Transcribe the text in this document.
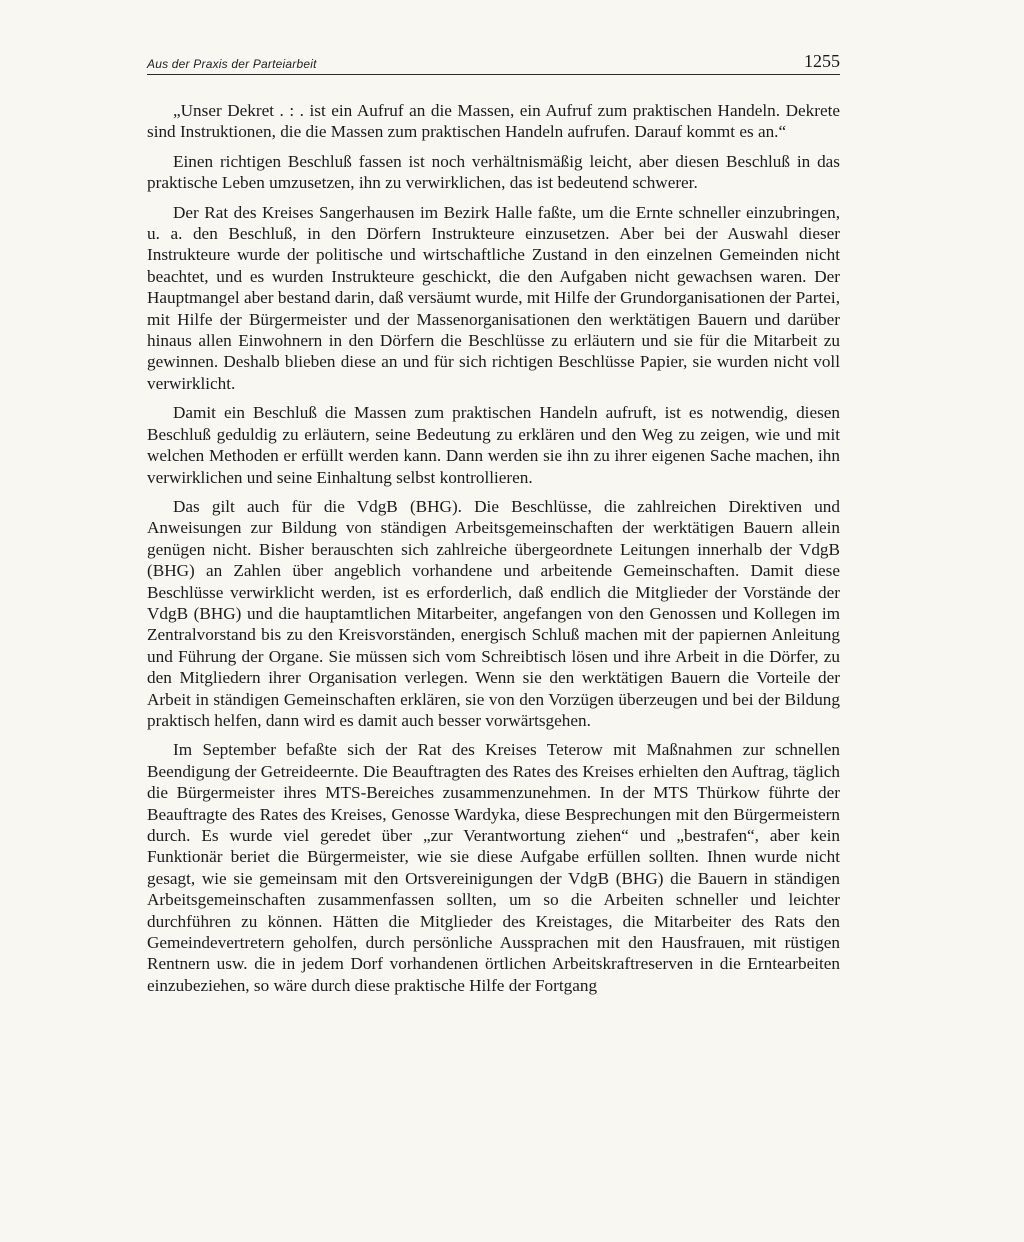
Aus der Praxis der Parteiarbeit	1255

„Unser Dekret . : . ist ein Aufruf an die Massen, ein Aufruf zum praktischen Handeln. Dekrete sind Instruktionen, die die Massen zum praktischen Handeln aufrufen. Darauf kommt es an.“

Einen richtigen Beschluß fassen ist noch verhältnismäßig leicht, aber diesen Beschluß in das praktische Leben umzusetzen, ihn zu verwirklichen, das ist bedeutend schwerer.

Der Rat des Kreises Sangerhausen im Bezirk Halle faßte, um die Ernte schneller einzubringen, u. a. den Beschluß, in den Dörfern Instrukteure einzusetzen. Aber bei der Auswahl dieser Instrukteure wurde der politische und wirtschaftliche Zustand in den einzelnen Gemeinden nicht beachtet, und es wurden Instrukteure geschickt, die den Aufgaben nicht gewachsen waren. Der Hauptmangel aber bestand darin, daß versäumt wurde, mit Hilfe der Grundorganisationen der Partei, mit Hilfe der Bürgermeister und der Massenorganisationen den werktätigen Bauern und darüber hinaus allen Einwohnern in den Dörfern die Beschlüsse zu erläutern und sie für die Mitarbeit zu gewinnen. Deshalb blieben diese an und für sich richtigen Beschlüsse Papier, sie wurden nicht voll verwirklicht.

Damit ein Beschluß die Massen zum praktischen Handeln aufruft, ist es notwendig, diesen Beschluß geduldig zu erläutern, seine Bedeutung zu erklären und den Weg zu zeigen, wie und mit welchen Methoden er erfüllt werden kann. Dann werden sie ihn zu ihrer eigenen Sache machen, ihn verwirklichen und seine Einhaltung selbst kontrollieren.

Das gilt auch für die VdgB (BHG). Die Beschlüsse, die zahlreichen Direktiven und Anweisungen zur Bildung von ständigen Arbeitsgemeinschaften der werktätigen Bauern allein genügen nicht. Bisher berauschten sich zahlreiche übergeordnete Leitungen innerhalb der VdgB (BHG) an Zahlen über angeblich vorhandene und arbeitende Gemeinschaften. Damit diese Beschlüsse verwirklicht werden, ist es erforderlich, daß endlich die Mitglieder der Vorstände der VdgB (BHG) und die hauptamtlichen Mitarbeiter, angefangen von den Genossen und Kollegen im Zentralvorstand bis zu den Kreisvorständen, energisch Schluß machen mit der papiernen Anleitung und Führung der Organe. Sie müssen sich vom Schreibtisch lösen und ihre Arbeit in die Dörfer, zu den Mitgliedern ihrer Organisation verlegen. Wenn sie den werktätigen Bauern die Vorteile der Arbeit in ständigen Gemeinschaften erklären, sie von den Vorzügen überzeugen und bei der Bildung praktisch helfen, dann wird es damit auch besser vorwärtsgehen.

Im September befaßte sich der Rat des Kreises Teterow mit Maßnahmen zur schnellen Beendigung der Getreideernte. Die Beauftragten des Rates des Kreises erhielten den Auftrag, täglich die Bürgermeister ihres MTS-Bereiches zusammenzunehmen. In der MTS Thürkow führte der Beauftragte des Rates des Kreises, Genosse Wardyka, diese Besprechungen mit den Bürgermeistern durch. Es wurde viel geredet über „zur Verantwortung ziehen“ und „bestrafen“, aber kein Funktionär beriet die Bürgermeister, wie sie diese Aufgabe erfüllen sollten. Ihnen wurde nicht gesagt, wie sie gemeinsam mit den Ortsvereinigungen der VdgB (BHG) die Bauern in ständigen Arbeitsgemeinschaften zusammenfassen sollten, um so die Arbeiten schneller und leichter durchführen zu können. Hätten die Mitglieder des Kreistages, die Mitarbeiter des Rats den Gemeindevertretern geholfen, durch persönliche Aussprachen mit den Hausfrauen, mit rüstigen Rentnern usw. die in jedem Dorf vorhandenen örtlichen Arbeitskraftreserven in die Erntearbeiten einzubeziehen, so wäre durch diese praktische Hilfe der Fortgang
